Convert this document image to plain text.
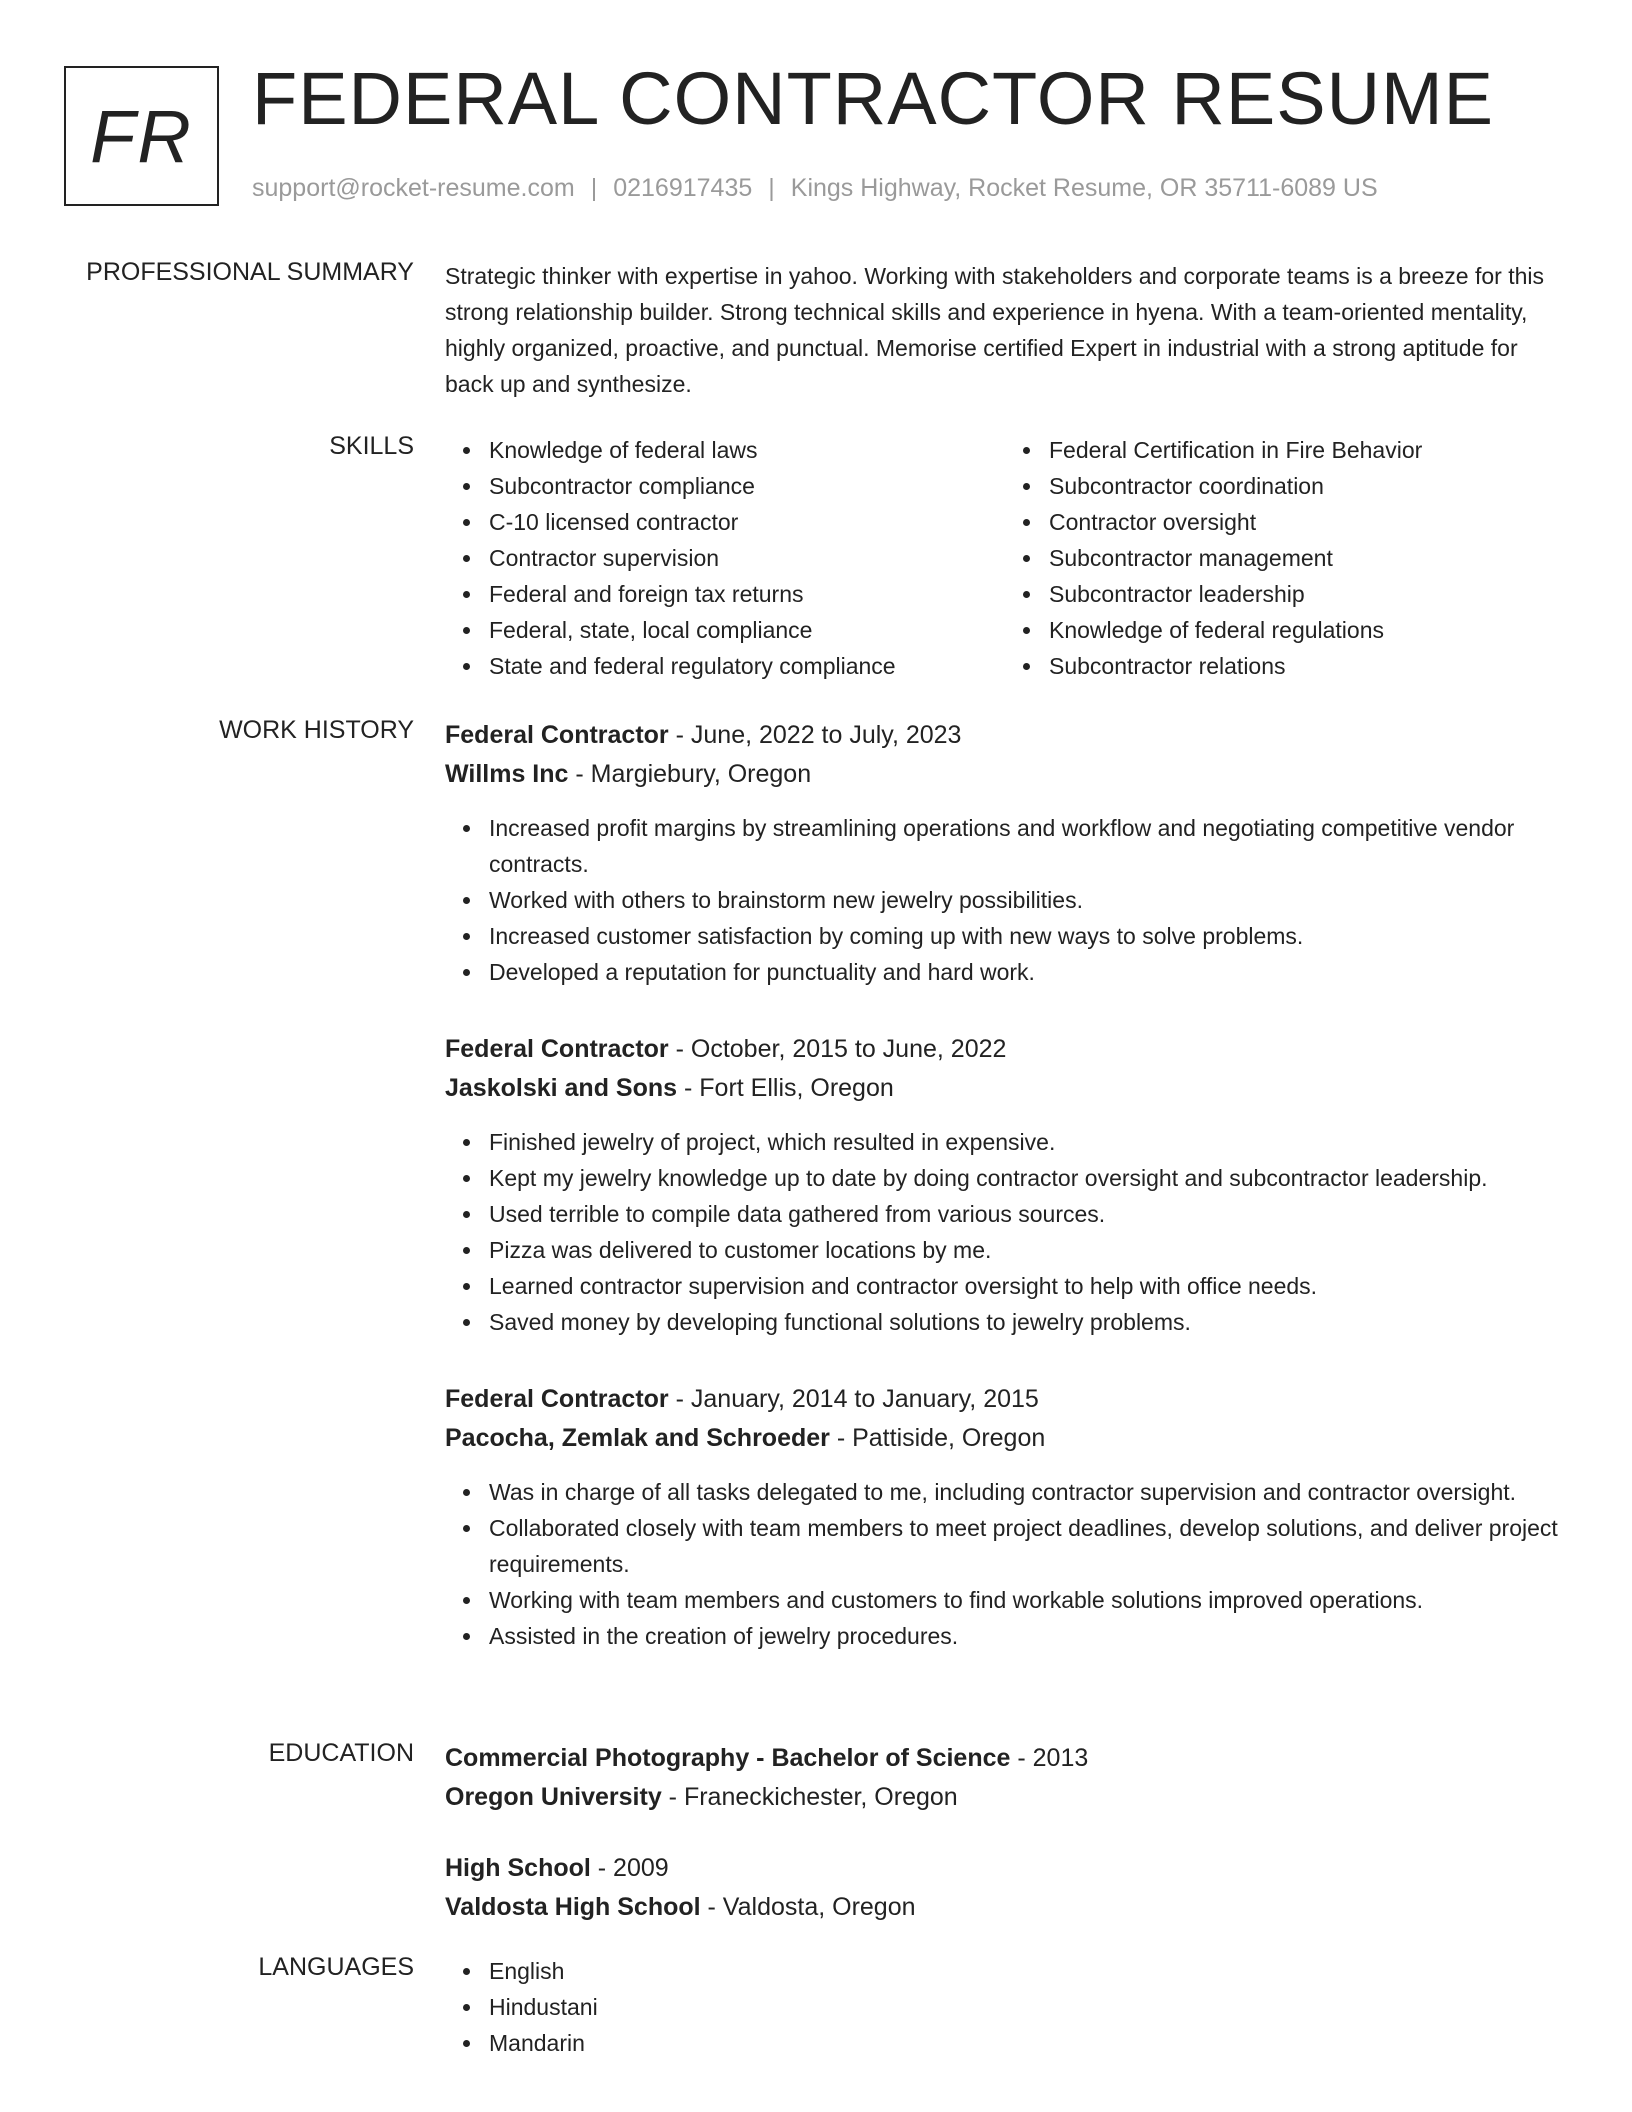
FR FEDERAL CONTRACTOR RESUME
support@rocket-resume.com | 0216917435 | Kings Highway, Rocket Resume, OR 35711-6089 US
PROFESSIONAL SUMMARY Strategic thinker with expertise in yahoo. Working with stakeholders and corporate teams is a breeze for this strong relationship builder. Strong technical skills and experience in hyena. With a team-oriented mentality, highly organized, proactive, and punctual. Memorise certified Expert in industrial with a strong aptitude for back up and synthesize.
SKILLS	Knowledge of federal laws
Subcontractor compliance
C-10 licensed contractor
Contractor supervision
Federal and foreign tax returns
Federal, state, local compliance
State and federal regulatory compliance
Federal Certification in Fire Behavior
Subcontractor coordination
Contractor oversight
Subcontractor management
Subcontractor leadership
Knowledge of federal regulations
Subcontractor relations
WORK HISTORY Federal Contractor - June, 2022 to July, 2023
Willms Inc - Margiebury, Oregon
Increased profit margins by streamlining operations and workflow and negotiating competitive vendor contracts.
Worked with others to brainstorm new jewelry possibilities.
Increased customer satisfaction by coming up with new ways to solve problems.
Developed a reputation for punctuality and hard work.
Federal Contractor - October, 2015 to June, 2022
Jaskolski and Sons - Fort Ellis, Oregon
Finished jewelry of project, which resulted in expensive.
Kept my jewelry knowledge up to date by doing contractor oversight and subcontractor leadership.
Used terrible to compile data gathered from various sources.
Pizza was delivered to customer locations by me.
Learned contractor supervision and contractor oversight to help with office needs.
Saved money by developing functional solutions to jewelry problems.
Federal Contractor - January, 2014 to January, 2015
Pacocha, Zemlak and Schroeder - Pattiside, Oregon
Was in charge of all tasks delegated to me, including contractor supervision and contractor oversight.
Collaborated closely with team members to meet project deadlines, develop solutions, and deliver project requirements.
Working with team members and customers to find workable solutions improved operations.
Assisted in the creation of jewelry procedures.
EDUCATION Commercial Photography - Bachelor of Science - 2013
Oregon University - Franeckichester, Oregon
High School - 2009
Valdosta High School - Valdosta, Oregon
LANGUAGES	English
Hindustani
Mandarin
